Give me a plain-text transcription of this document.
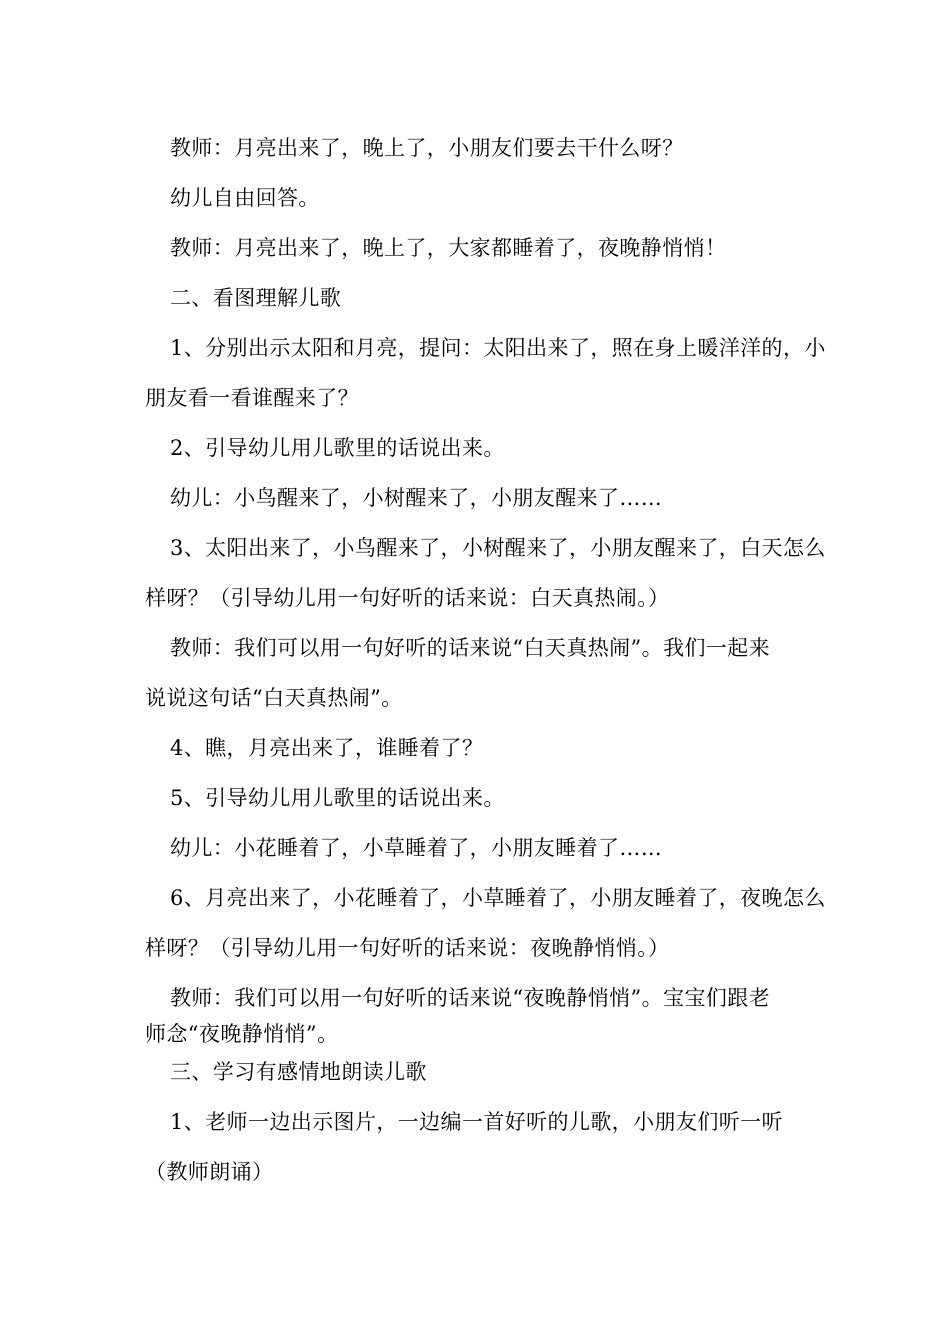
教师：月亮出来了，晚上了，小朋友们要去干什么呀？
幼儿自由回答。
教师：月亮出来了，晚上了，大家都睡着了，夜晚静悄悄！
二、看图理解儿歌
1、分别出示太阳和月亮，提问：太阳出来了，照在身上暖洋洋的，小
朋友看一看谁醒来了？
2、引导幼儿用儿歌里的话说出来。
幼儿：小鸟醒来了，小树醒来了，小朋友醒来了……
3、太阳出来了，小鸟醒来了，小树醒来了，小朋友醒来了，白天怎么
样呀？（引导幼儿用一句好听的话来说：白天真热闹。）
教师：我们可以用一句好听的话来说“白天真热闹”。我们一起来
说说这句话“白天真热闹”。
4、瞧，月亮出来了，谁睡着了？
5、引导幼儿用儿歌里的话说出来。
幼儿：小花睡着了，小草睡着了，小朋友睡着了……
6、月亮出来了，小花睡着了，小草睡着了，小朋友睡着了，夜晚怎么
样呀？（引导幼儿用一句好听的话来说：夜晚静悄悄。）
教师：我们可以用一句好听的话来说“夜晚静悄悄”。宝宝们跟老
师念“夜晚静悄悄”。
三、学习有感情地朗读儿歌
1、老师一边出示图片，一边编一首好听的儿歌，小朋友们听一听
（教师朗诵）
